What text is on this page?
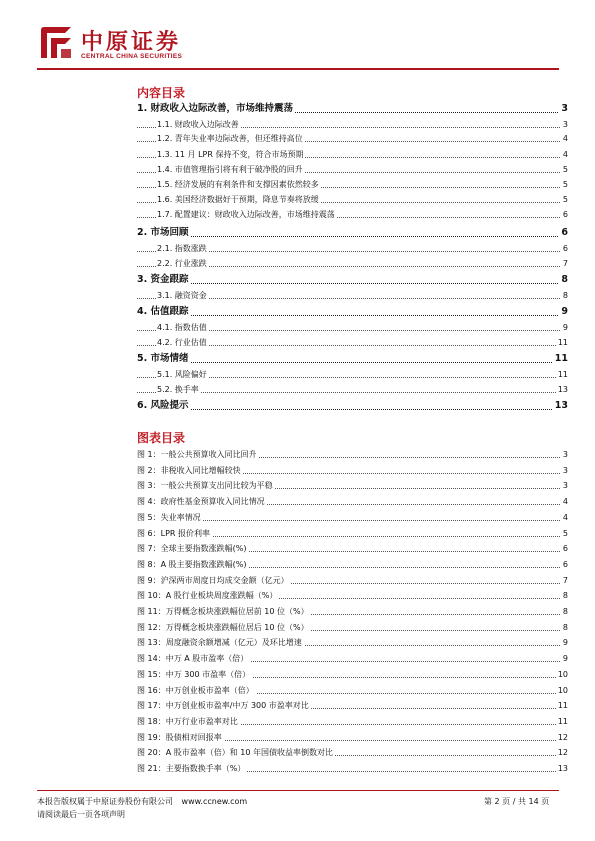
中原证券
CENTRAL CHINA SECURITIES
内容目录
1. 财政收入边际改善，市场维持震荡	3
1.1. 财政收入边际改善	3
1.2. 青年失业率边际改善，但还维持高位	4
1.3. 11 月 LPR 保持不变，符合市场预期	4
1.4. 市值管理指引将有利于破净股的回升	5
1.5. 经济发展的有利条件和支撑因素依然较多	5
1.6. 美国经济数据好于预期，降息节奏将放缓	5
1.7. 配置建议：财政收入边际改善，市场维持震荡	6
2. 市场回顾	6
2.1. 指数涨跌	6
2.2. 行业涨跌	7
3. 资金跟踪	8
3.1. 融资资金	8
4. 估值跟踪	9
4.1. 指数估值	9
4.2. 行业估值	11
5. 市场情绪	11
5.1. 风险偏好	11
5.2. 换手率	13
6. 风险提示	13
图表目录
图 1：一般公共预算收入同比回升	3
图 2：非税收入同比增幅较快	3
图 3：一般公共预算支出同比较为平稳	3
图 4：政府性基金预算收入同比情况	4
图 5：失业率情况	4
图 6：LPR 报价利率	5
图 7：全球主要指数涨跌幅(%)	6
图 8：A 股主要指数涨跌幅(%)	6
图 9：沪深两市周度日均成交金额（亿元）	7
图 10：A 股行业板块周度涨跌幅（%）	8
图 11：万得概念板块涨跌幅位居前 10 位（%）	8
图 12：万得概念板块涨跌幅位居后 10 位（%）	8
图 13：周度融资余额增减（亿元）及环比增速	9
图 14：中万 A 股市盈率（倍）	9
图 15：中万 300 市盈率（倍）	10
图 16：中万创业板市盈率（倍）	10
图 17：中万创业板市盈率/中万 300 市盈率对比	11
图 18：中万行业市盈率对比	11
图 19：股债相对回报率	12
图 20：A 股市盈率（倍）和 10 年国债收益率倒数对比	12
图 21：主要指数换手率（%）	13
本报告版权属于中原证券股份有限公司 www.ccnew.com
请阅读最后一页各项声明
第 2 页 / 共 14 页
